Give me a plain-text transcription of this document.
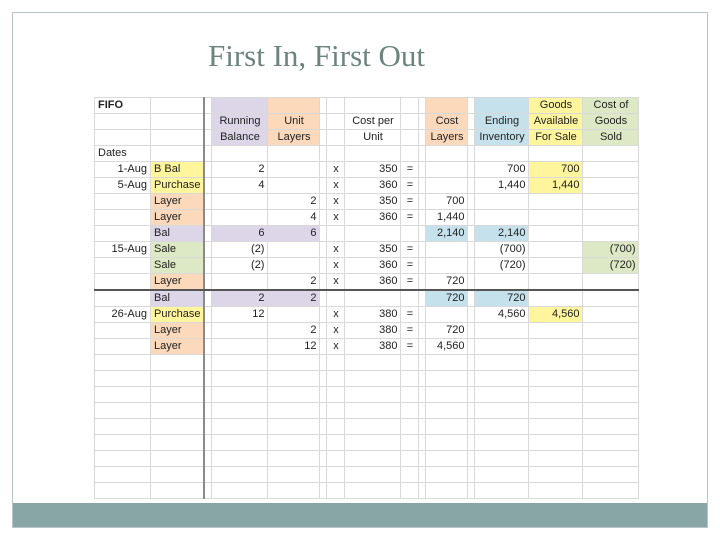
First In, First Out
FIFO													Goods	Cost of
			Running	Unit			Cost per			Cost		Ending	Available	Goods
			Balance	Layers			Unit			Layers		Inventory	For Sale	Sold
Dates														
1-Aug	B Bal		2			x	350	=				700	700	
5-Aug	Purchase		4			x	360	=				1,440	1,440	
	Layer			2		x	350	=		700				
	Layer			4		x	360	=		1,440				
	Bal		6	6						2,140		2,140		
15-Aug	Sale		(2)			x	350	=				(700)		(700)
	Sale		(2)			x	360	=				(720)		(720)
	Layer			2		x	360	=		720				
	Bal		2	2						720		720		
26-Aug	Purchase		12			x	380	=				4,560	4,560	
	Layer			2		x	380	=		720				
	Layer			12		x	380	=		4,560				
